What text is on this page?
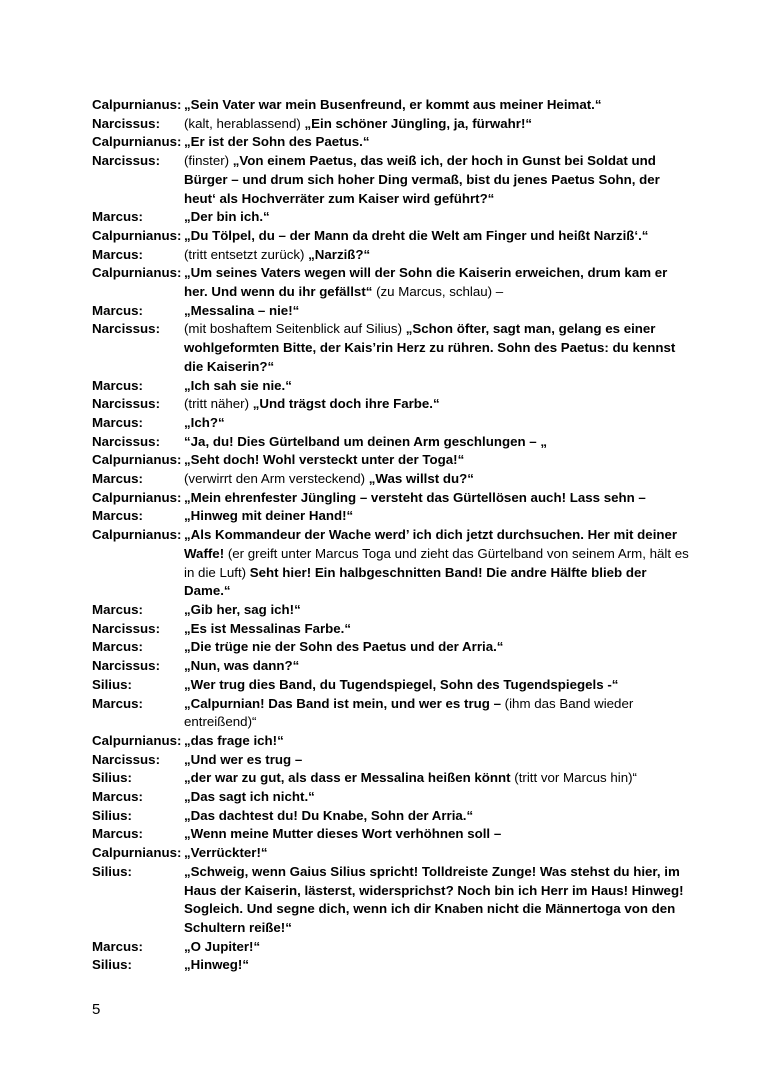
Calpurnianus: „Sein Vater war mein Busenfreund, er kommt aus meiner Heimat.“
Narcissus:	(kalt, herablassend) „Ein schöner Jüngling, ja, fürwahr!“
Calpurnianus: „Er ist der Sohn des Paetus.“
Narcissus:	(finster) „Von einem Paetus, das weiß ich, der hoch in Gunst bei Soldat und Bürger – und drum sich hoher Ding vermaß, bist du jenes Paetus Sohn, der heut‘ als Hochverräter zum Kaiser wird geführt?“
Marcus:	„Der bin ich.“
Calpurnianus: „Du Tölpel, du – der Mann da dreht die Welt am Finger und heißt Narziß‘.“
Marcus:	(tritt entsetzt zurück) „Narziß?“
Calpurnianus: „Um seines Vaters wegen will der Sohn die Kaiserin erweichen, drum kam er her. Und wenn du ihr gefällst“ (zu Marcus, schlau) –
Marcus:	„Messalina – nie!“
Narcissus:	(mit boshaftem Seitenblick auf Silius) „Schon öfter, sagt man, gelang es einer wohlgeformten Bitte, der Kais’rin Herz zu rühren. Sohn des Paetus: du kennst die Kaiserin?“
Marcus:	„Ich sah sie nie.“
Narcissus:	(tritt näher) „Und trägst doch ihre Farbe.“
Marcus:	„Ich?“
Narcissus:	“Ja, du! Dies Gürtelband um deinen Arm geschlungen – „
Calpurnianus: „Seht doch! Wohl versteckt unter der Toga!“
Marcus:	(verwirrt den Arm versteckend) „Was willst du?“
Calpurnianus: „Mein ehrenfester Jüngling – versteht das Gürtellösen auch! Lass sehn –
Marcus:	„Hinweg mit deiner Hand!“
Calpurnianus: „Als Kommandeur der Wache werd’ ich dich jetzt durchsuchen. Her mit deiner Waffe! (er greift unter Marcus Toga und zieht das Gürtelband von seinem Arm, hält es in die Luft) Seht hier! Ein halbgeschnitten Band! Die andre Hälfte blieb der Dame.“
Marcus:	„Gib her, sag ich!“
Narcissus:	„Es ist Messalinas Farbe.“
Marcus:	„Die trüge nie der Sohn des Paetus und der Arria.“
Narcissus:	„Nun, was dann?“
Silius:	„Wer trug dies Band, du Tugendspiegel, Sohn des Tugendspiegels -“
Marcus:	„Calpurnian! Das Band ist mein, und wer es trug – (ihm das Band wieder entreißend)“
Calpurnianus: „das frage ich!“
Narcissus:	„Und wer es trug –
Silius:	„der war zu gut, als dass er Messalina heißen könnt (tritt vor Marcus hin)“
Marcus:	„Das sagt ich nicht.“
Silius:	„Das dachtest du! Du Knabe, Sohn der Arria.“
Marcus:	„Wenn meine Mutter dieses Wort verhöhnen soll –
Calpurnianus: „Verrückter!“
Silius:	„Schweig, wenn Gaius Silius spricht! Tolldreiste Zunge! Was stehst du hier, im Haus der Kaiserin, lästerst, widersprichst? Noch bin ich Herr im Haus! Hinweg! Sogleich. Und segne dich, wenn ich dir Knaben nicht die Männertoga von den Schultern reiße!“
Marcus:	„O Jupiter!“
Silius:	„Hinweg!“
5
